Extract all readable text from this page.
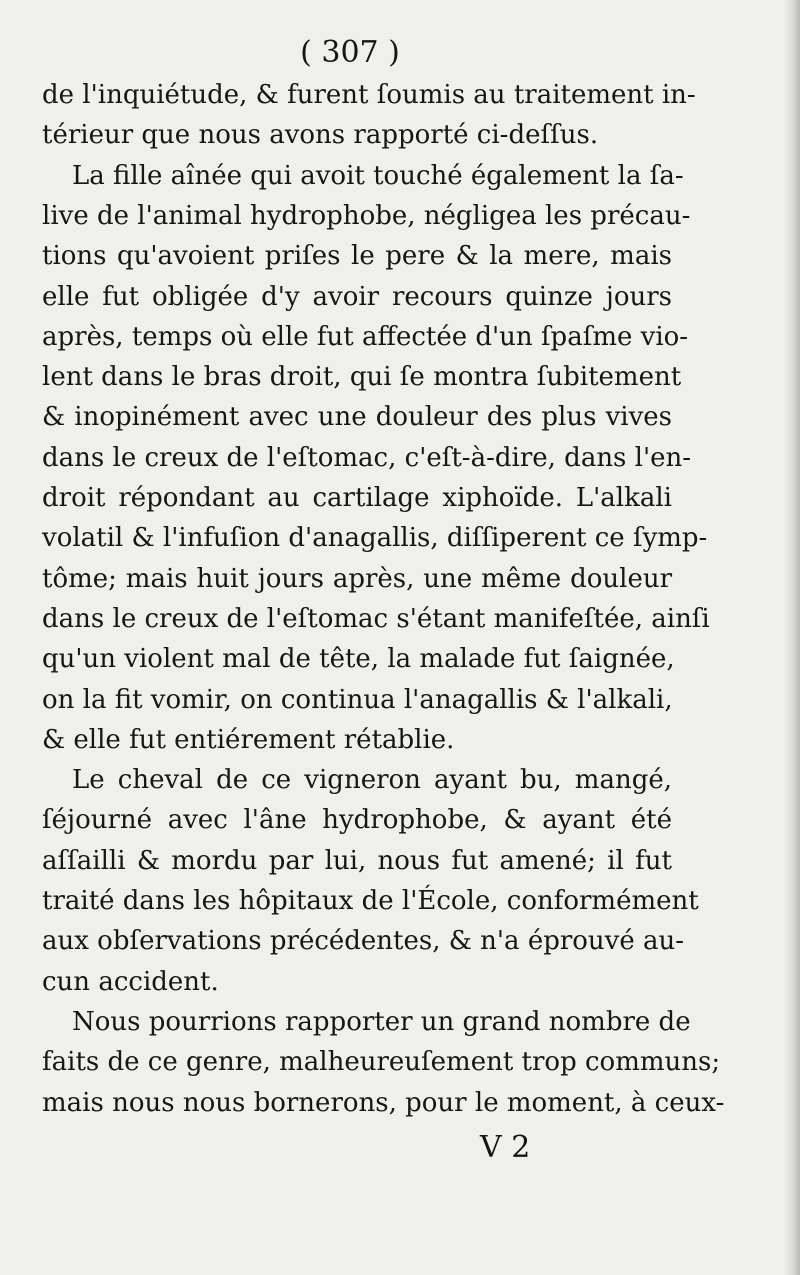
( 307 )
de l'inquiétude, & furent ſoumis au traitement in-
térieur que nous avons rapporté ci-deſſus.
La fille aînée qui avoit touché également la ſa-
live de l'animal hydrophobe, négligea les précau-
tions qu'avoient priſes le pere & la mere, mais
elle fut obligée d'y avoir recours quinze jours
après, temps où elle fut affectée d'un ſpaſme vio-
lent dans le bras droit, qui ſe montra ſubitement
& inopinément avec une douleur des plus vives
dans le creux de l'eſtomac, c'eſt-à-dire, dans l'en-
droit répondant au cartilage xiphoïde. L'alkali
volatil & l'infuſion d'anagallis, diſſiperent ce ſymp-
tôme; mais huit jours après, une même douleur
dans le creux de l'eſtomac s'étant manifeſtée, ainſi
qu'un violent mal de tête, la malade fut ſaignée,
on la fit vomir, on continua l'anagallis & l'alkali,
& elle fut entiérement rétablie.
Le cheval de ce vigneron ayant bu, mangé,
ſéjourné avec l'âne hydrophobe, & ayant été
aſſailli & mordu par lui, nous fut amené; il fut
traité dans les hôpitaux de l'École, conformément
aux obſervations précédentes, & n'a éprouvé au-
cun accident.
Nous pourrions rapporter un grand nombre de
faits de ce genre, malheureuſement trop communs;
mais nous nous bornerons, pour le moment, à ceux-
V 2
